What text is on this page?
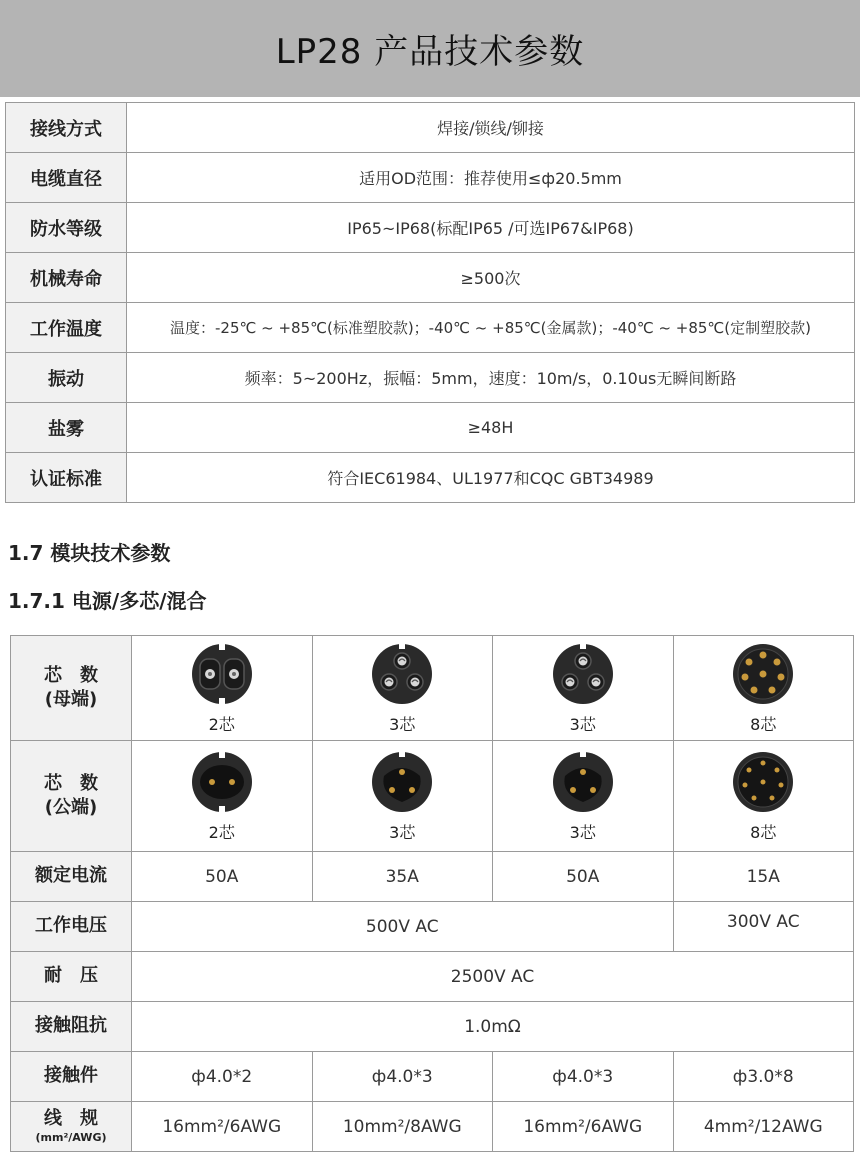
LP28 产品技术参数
接线方式	焊接/锁线/铆接
电缆直径	适用OD范围：推荐使用≤ф20.5mm
防水等级	IP65~IP68(标配IP65 /可选IP67&IP68)
机械寿命	≥500次
工作温度	温度：-25℃ ~ +85℃(标准塑胶款)；-40℃ ~ +85℃(金属款)；-40℃ ~ +85℃(定制塑胶款)
振动	频率：5~200Hz，振幅：5mm，速度：10m/s，0.10us无瞬间断路
盐雾	≥48H
认证标准	符合IEC61984、UL1977和CQC GBT34989
1.7 模块技术参数
1.7.1 电源/多芯/混合
芯　数
(母端)	2芯	3芯	3芯	8芯

芯　数
(公端)	2芯	3芯	3芯	8芯

额定电流	50A	35A	50A	15A
工作电压	500V AC			300V AC
耐　压	2500V AC			
接触阻抗	1.0mΩ			
接触件	ф4.0*2	ф4.0*3	ф4.0*3	ф3.0*8

线　规
(mm²/AWG)	16mm²/6AWG	10mm²/8AWG	16mm²/6AWG	4mm²/12AWG
